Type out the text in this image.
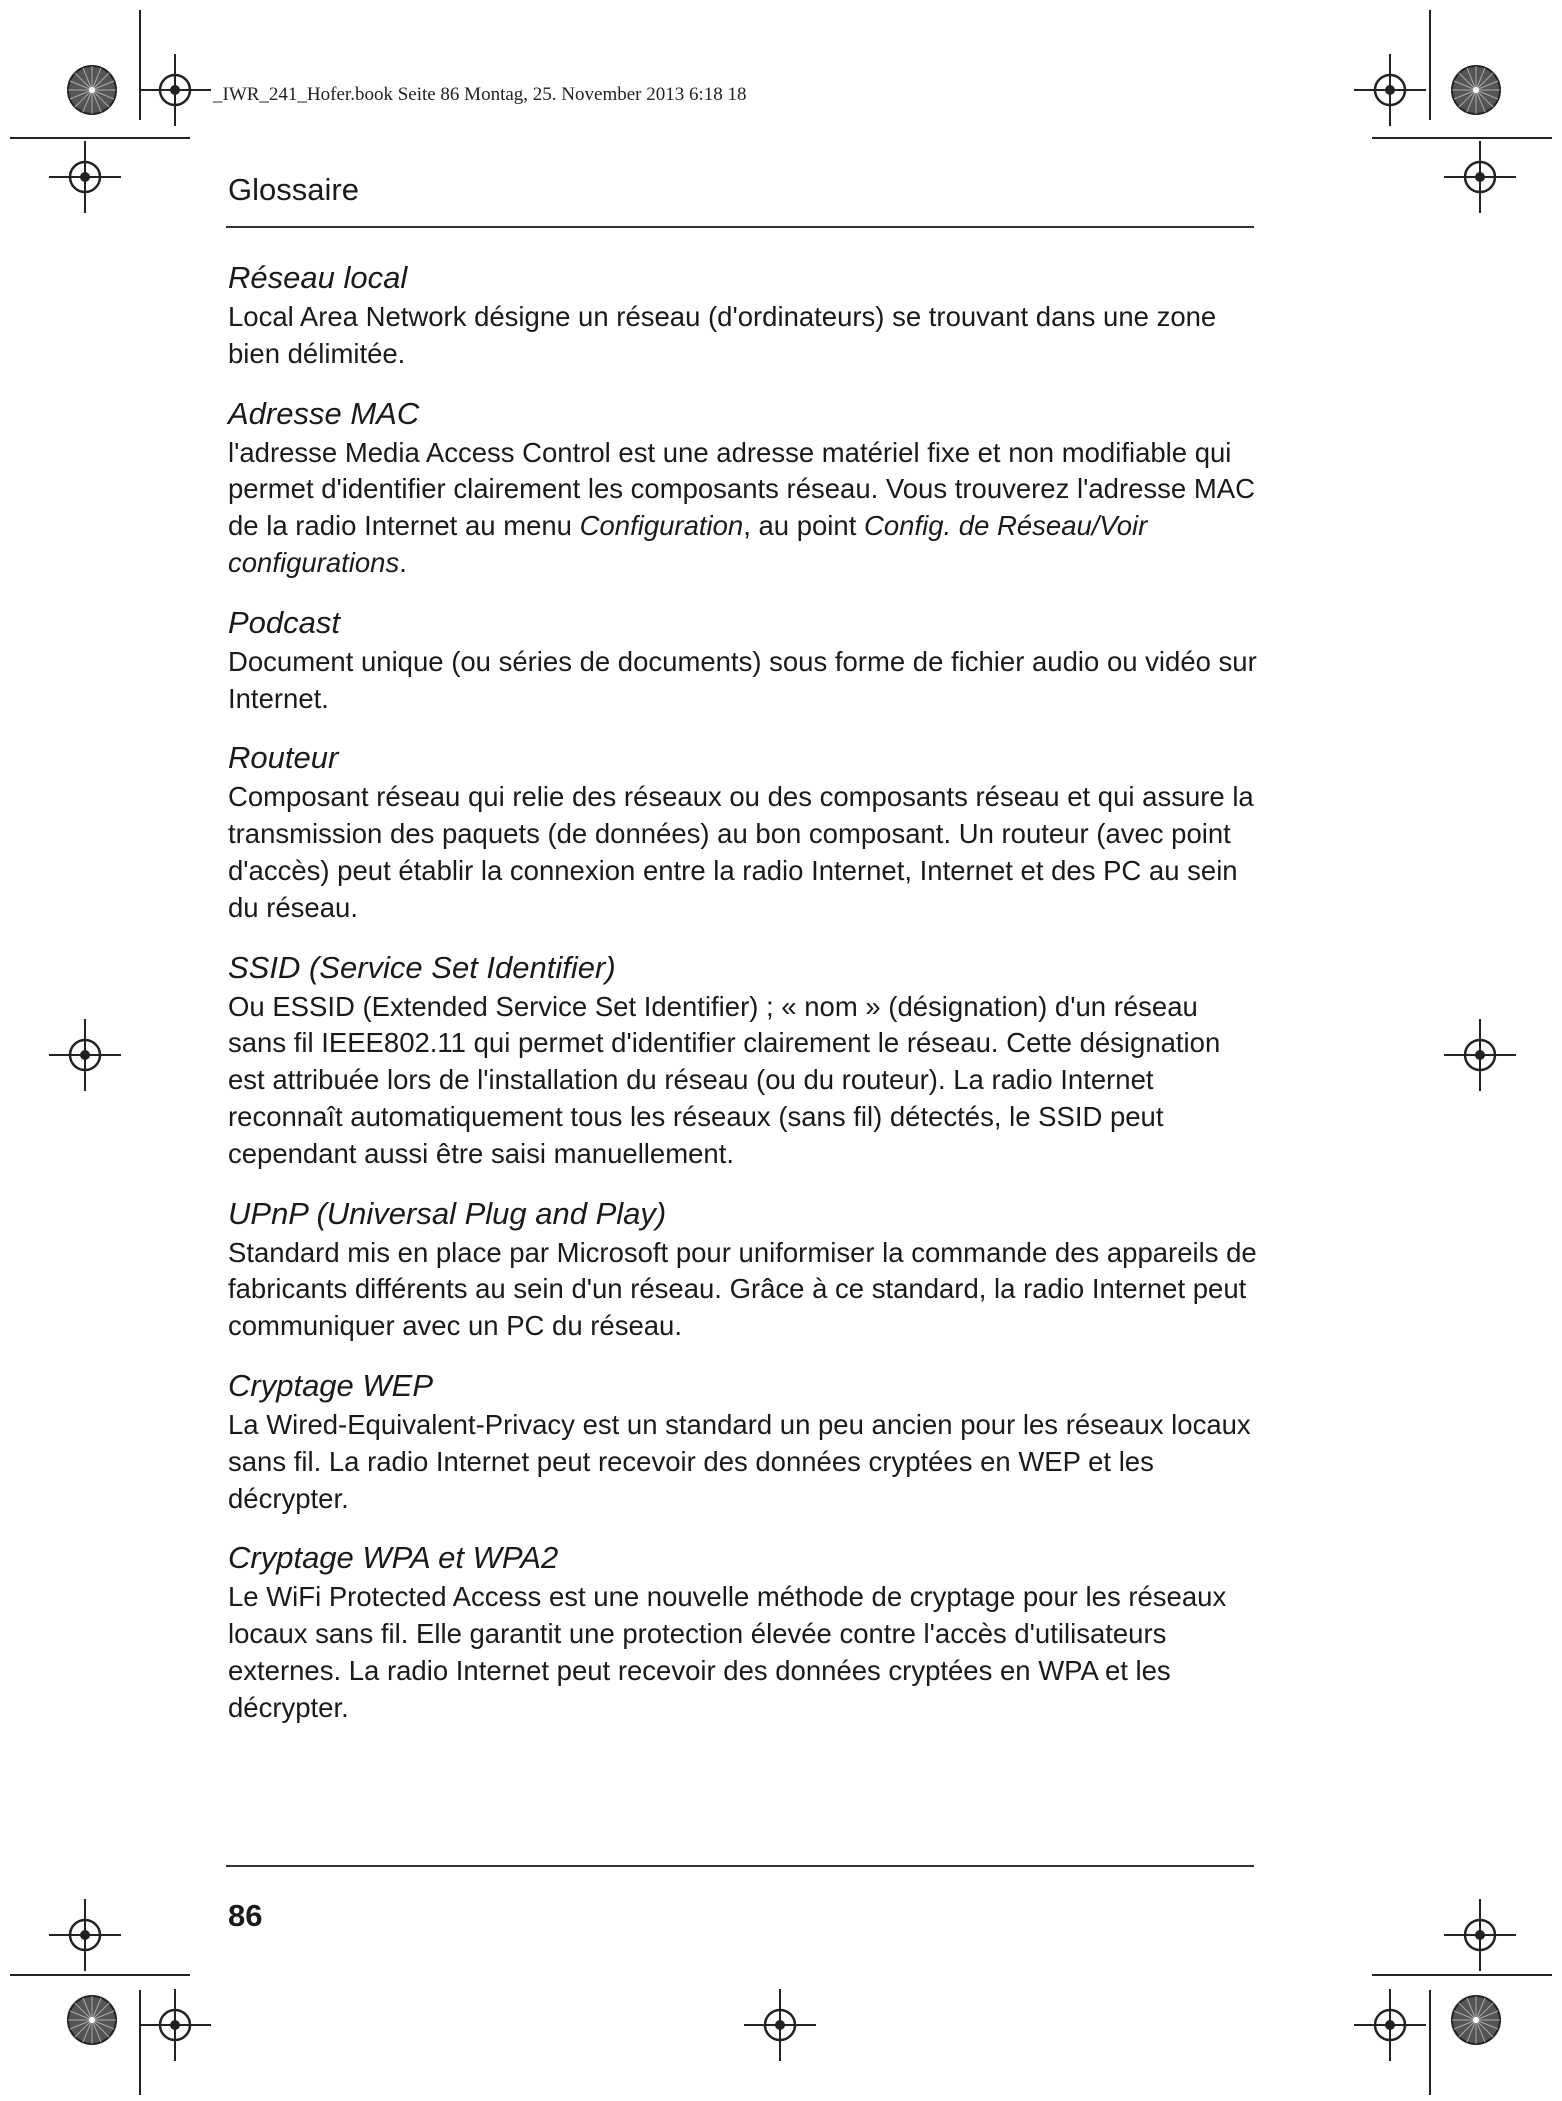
_IWR_241_Hofer.book Seite 86 Montag, 25. November 2013 6:18 18
Glossaire
Réseau local

Local Area Network désigne un réseau (d'ordinateurs) se trouvant dans une zone bien délimitée.

Adresse MAC

l'adresse Media Access Control est une adresse matériel fixe et non modifiable qui permet d'identifier clairement les composants réseau. Vous trouverez l'adresse MAC de la radio Internet au menu Configuration, au point Config. de Réseau/Voir configurations.

Podcast

Document unique (ou séries de documents) sous forme de fichier audio ou vidéo sur Internet.

Routeur

Composant réseau qui relie des réseaux ou des composants réseau et qui assure la transmission des paquets (de données) au bon composant. Un routeur (avec point d'accès) peut établir la connexion entre la radio Internet, Internet et des PC au sein du réseau.

SSID (Service Set Identifier)

Ou ESSID (Extended Service Set Identifier) ; « nom » (désignation) d'un réseau sans fil IEEE802.11 qui permet d'identifier clairement le réseau. Cette désignation est attribuée lors de l'installation du réseau (ou du routeur). La radio Internet reconnaît automatiquement tous les réseaux (sans fil) détectés, le SSID peut cependant aussi être saisi manuellement.

UPnP (Universal Plug and Play)

Standard mis en place par Microsoft pour uniformiser la commande des appareils de fabricants différents au sein d'un réseau. Grâce à ce standard, la radio Internet peut communiquer avec un PC du réseau.

Cryptage WEP

La Wired-Equivalent-Privacy est un standard un peu ancien pour les réseaux locaux sans fil. La radio Internet peut recevoir des données cryptées en WEP et les décrypter.

Cryptage WPA et WPA2

Le WiFi Protected Access est une nouvelle méthode de cryptage pour les réseaux locaux sans fil. Elle garantit une protection élevée contre l'accès d'utilisateurs externes. La radio Internet peut recevoir des données cryptées en WPA et les décrypter.

86
